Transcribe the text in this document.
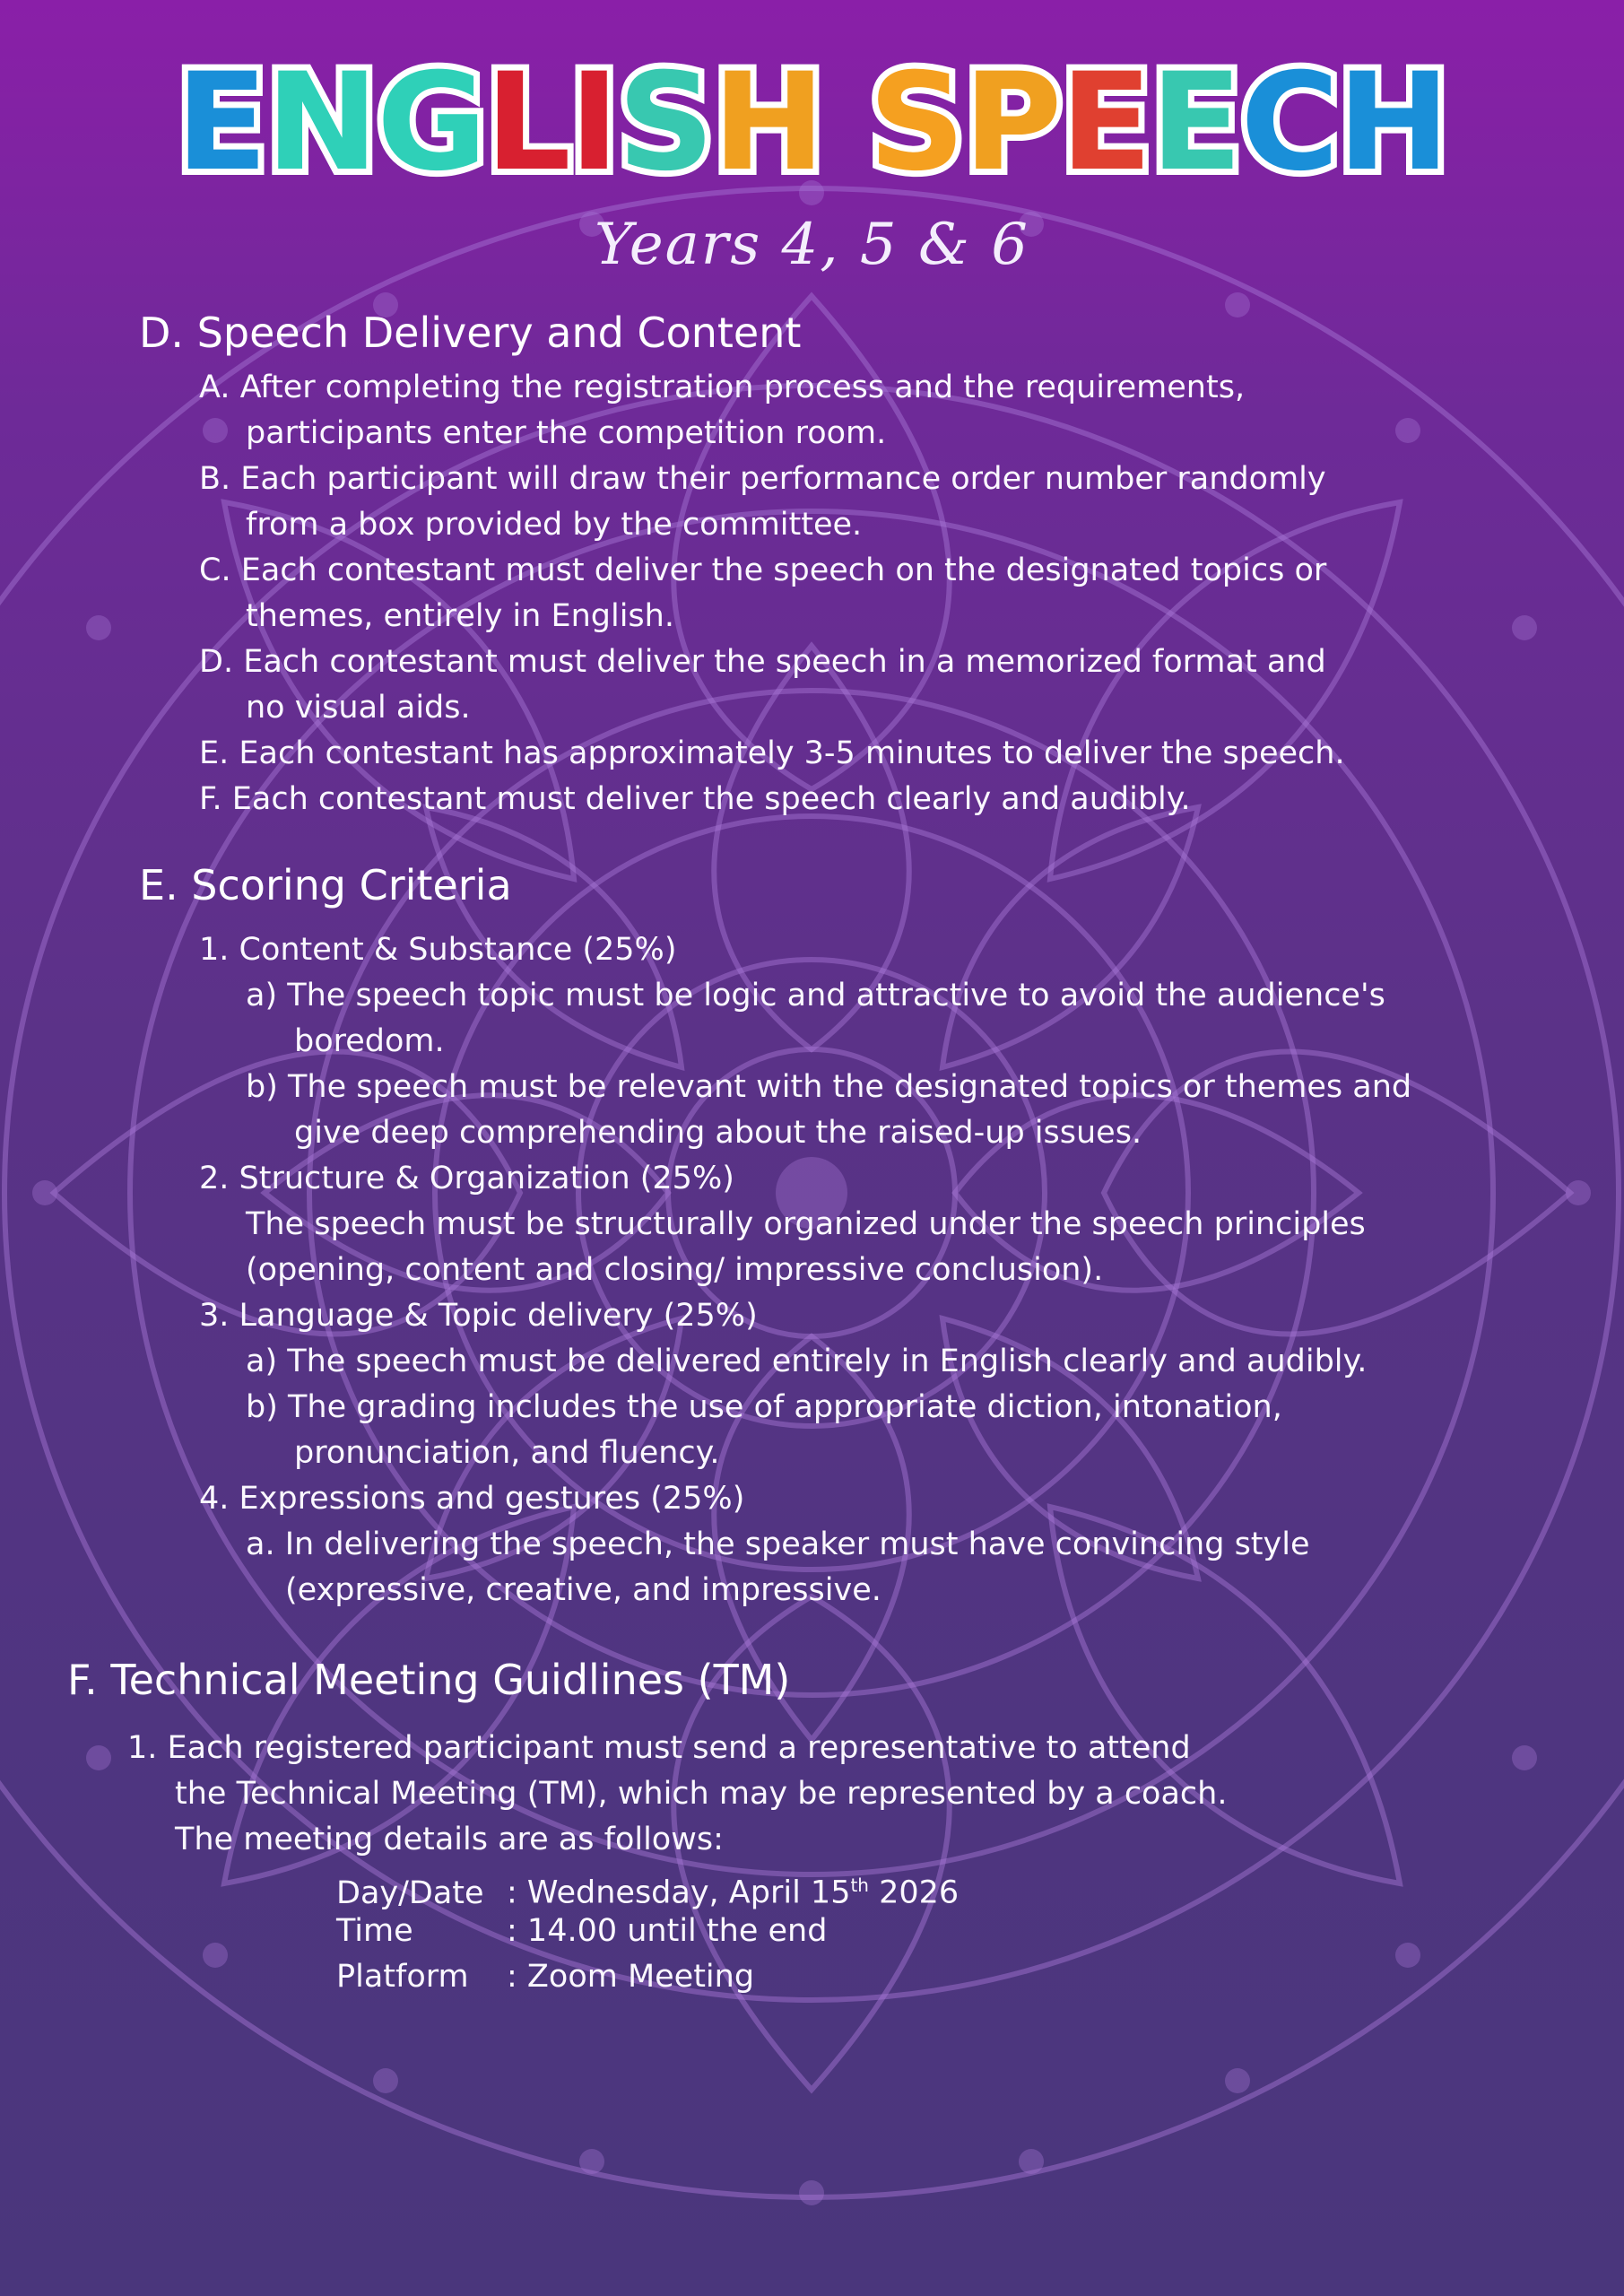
ENGLISH SPEECH
Years 4, 5 & 6
D. Speech Delivery and Content
A. After completing the registration process and the requirements,
participants enter the competition room.
B. Each participant will draw their performance order number randomly
from a box provided by the committee.
C. Each contestant must deliver the speech on the designated topics or
themes, entirely in English.
D. Each contestant must deliver the speech in a memorized format and
no visual aids.
E. Each contestant has approximately 3-5 minutes to deliver the speech.
F. Each contestant must deliver the speech clearly and audibly.
E. Scoring Criteria
1. Content & Substance (25%)
a) The speech topic must be logic and attractive to avoid the audience's
boredom.
b) The speech must be relevant with the designated topics or themes and
give deep comprehending about the raised-up issues.
2. Structure & Organization (25%)
The speech must be structurally organized under the speech principles
(opening, content and closing/ impressive conclusion).
3. Language & Topic delivery (25%)
a) The speech must be delivered entirely in English clearly and audibly.
b) The grading includes the use of appropriate diction, intonation,
pronunciation, and fluency.
4. Expressions and gestures (25%)
a. In delivering the speech, the speaker must have convincing style
(expressive, creative, and impressive.
F. Technical Meeting Guidlines (TM)
1. Each registered participant must send a representative to attend
the Technical Meeting (TM), which may be represented by a coach.
The meeting details are as follows:
Day/Date : Wednesday, April 15th 2026
Time	: 14.00 until the end
Platform : Zoom Meeting
